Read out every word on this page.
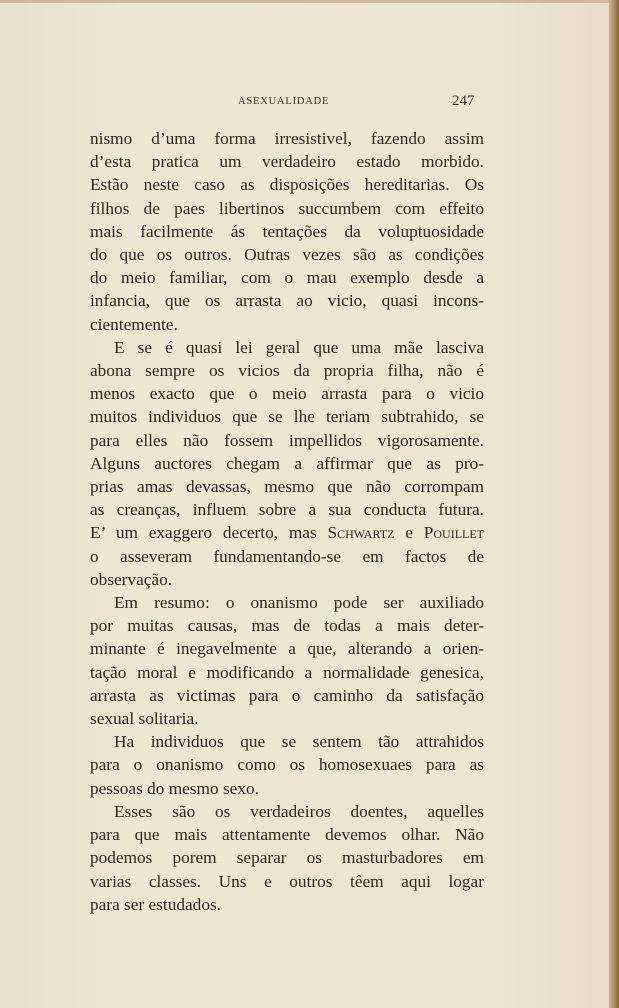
ASEXUALIDADE	247
nismo d’uma forma irresistivel, fazendo assim
d’esta pratica um verdadeiro estado morbido.
Estão neste caso as disposições hereditarias. Os
filhos de paes libertinos succumbem com effeito
mais facilmente ás tentações da voluptuosidade
do que os outros. Outras vezes são as condições
do meio familiar, com o mau exemplo desde a
infancia, que os arrasta ao vicio, quasi incons-
cientemente.
E se é quasi lei geral que uma mãe lasciva
abona sempre os vicios da propria filha, não é
menos exacto que o meio arrasta para o vicio
muitos individuos que se lhe teriam subtrahido, se
para elles não fossem impellidos vigorosamente.
Alguns auctores chegam a affirmar que as pro-
prias amas devassas, mesmo que não corrompam
as creanças, influem sobre a sua conducta futura.
E’ um exaggero decerto, mas Schwartz e Pouillet
o asseveram fundamentando-se em factos de
observação.
Em resumo: o onanismo pode ser auxiliado
por muitas causas, mas de todas a mais deter-
minante é inegavelmente a que, alterando a orien-
tação moral e modificando a normalidade genesica,
arrasta as victimas para o caminho da satisfação
sexual solitaria.
Ha individuos que se sentem tão attrahidos
para o onanismo como os homosexuaes para as
pessoas do mesmo sexo.
Esses são os verdadeiros doentes, aquelles
para que mais attentamente devemos olhar. Não
podemos porem separar os masturbadores em
varias classes. Uns e outros têem aqui logar
para ser estudados.
